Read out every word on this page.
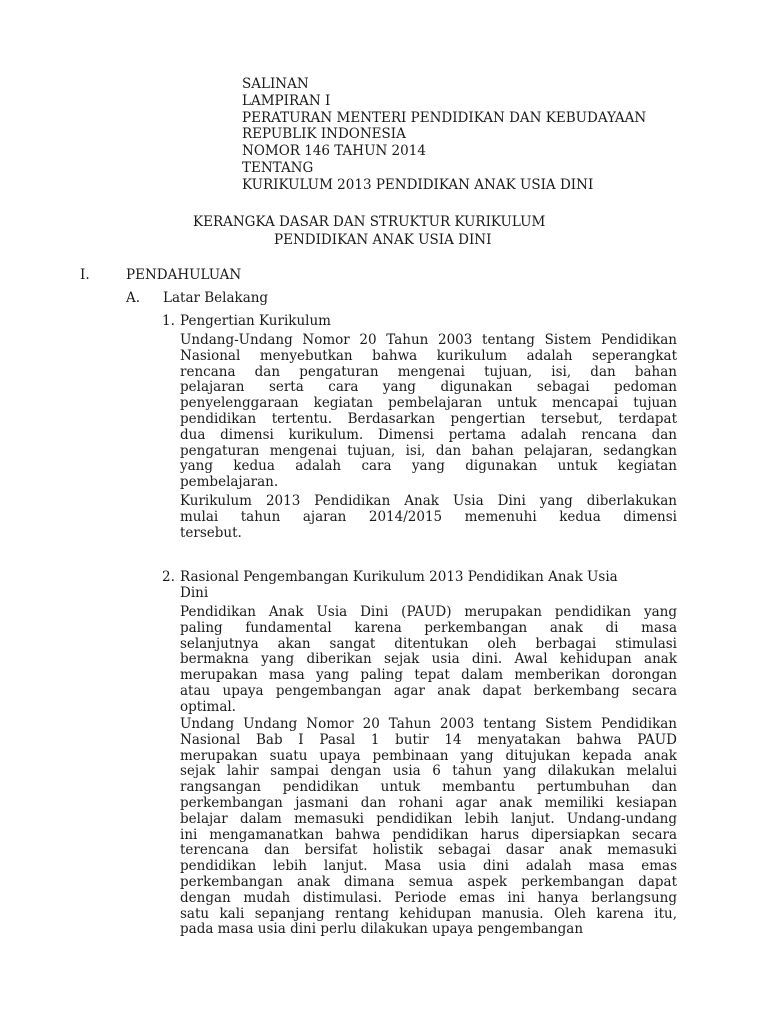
SALINAN
LAMPIRAN I
PERATURAN MENTERI PENDIDIKAN DAN KEBUDAYAAN
REPUBLIK INDONESIA
NOMOR 146 TAHUN 2014
TENTANG
KURIKULUM 2013 PENDIDIKAN ANAK USIA DINI
KERANGKA DASAR DAN STRUKTUR KURIKULUM
PENDIDIKAN ANAK USIA DINI
I.	PENDAHULUAN
A. Latar Belakang
1. Pengertian Kurikulum
Undang-Undang Nomor 20 Tahun 2003 tentang Sistem Pendidikan
Nasional menyebutkan bahwa kurikulum adalah seperangkat
rencana dan pengaturan mengenai tujuan, isi, dan bahan
pelajaran serta cara yang digunakan sebagai pedoman
penyelenggaraan kegiatan pembelajaran untuk mencapai tujuan
pendidikan tertentu. Berdasarkan pengertian tersebut, terdapat
dua dimensi kurikulum. Dimensi pertama adalah rencana dan
pengaturan mengenai tujuan, isi, dan bahan pelajaran, sedangkan
yang kedua adalah cara yang digunakan untuk kegiatan
pembelajaran.
Kurikulum 2013 Pendidikan Anak Usia Dini yang diberlakukan
mulai tahun ajaran 2014/2015 memenuhi kedua dimensi
tersebut.
2. Rasional Pengembangan Kurikulum 2013 Pendidikan Anak Usia
Dini
Pendidikan Anak Usia Dini (PAUD) merupakan pendidikan yang
paling fundamental karena perkembangan anak di masa
selanjutnya akan sangat ditentukan oleh berbagai stimulasi
bermakna yang diberikan sejak usia dini. Awal kehidupan anak
merupakan masa yang paling tepat dalam memberikan dorongan
atau upaya pengembangan agar anak dapat berkembang secara
optimal.
Undang Undang Nomor 20 Tahun 2003 tentang Sistem Pendidikan
Nasional Bab I Pasal 1 butir 14 menyatakan bahwa PAUD
merupakan suatu upaya pembinaan yang ditujukan kepada anak
sejak lahir sampai dengan usia 6 tahun yang dilakukan melalui
rangsangan pendidikan untuk membantu pertumbuhan dan
perkembangan jasmani dan rohani agar anak memiliki kesiapan
belajar dalam memasuki pendidikan lebih lanjut. Undang-undang
ini mengamanatkan bahwa pendidikan harus dipersiapkan secara
terencana dan bersifat holistik sebagai dasar anak memasuki
pendidikan lebih lanjut. Masa usia dini adalah masa emas
perkembangan anak dimana semua aspek perkembangan dapat
dengan mudah distimulasi. Periode emas ini hanya berlangsung
satu kali sepanjang rentang kehidupan manusia. Oleh karena itu,
pada masa usia dini perlu dilakukan upaya pengembangan
